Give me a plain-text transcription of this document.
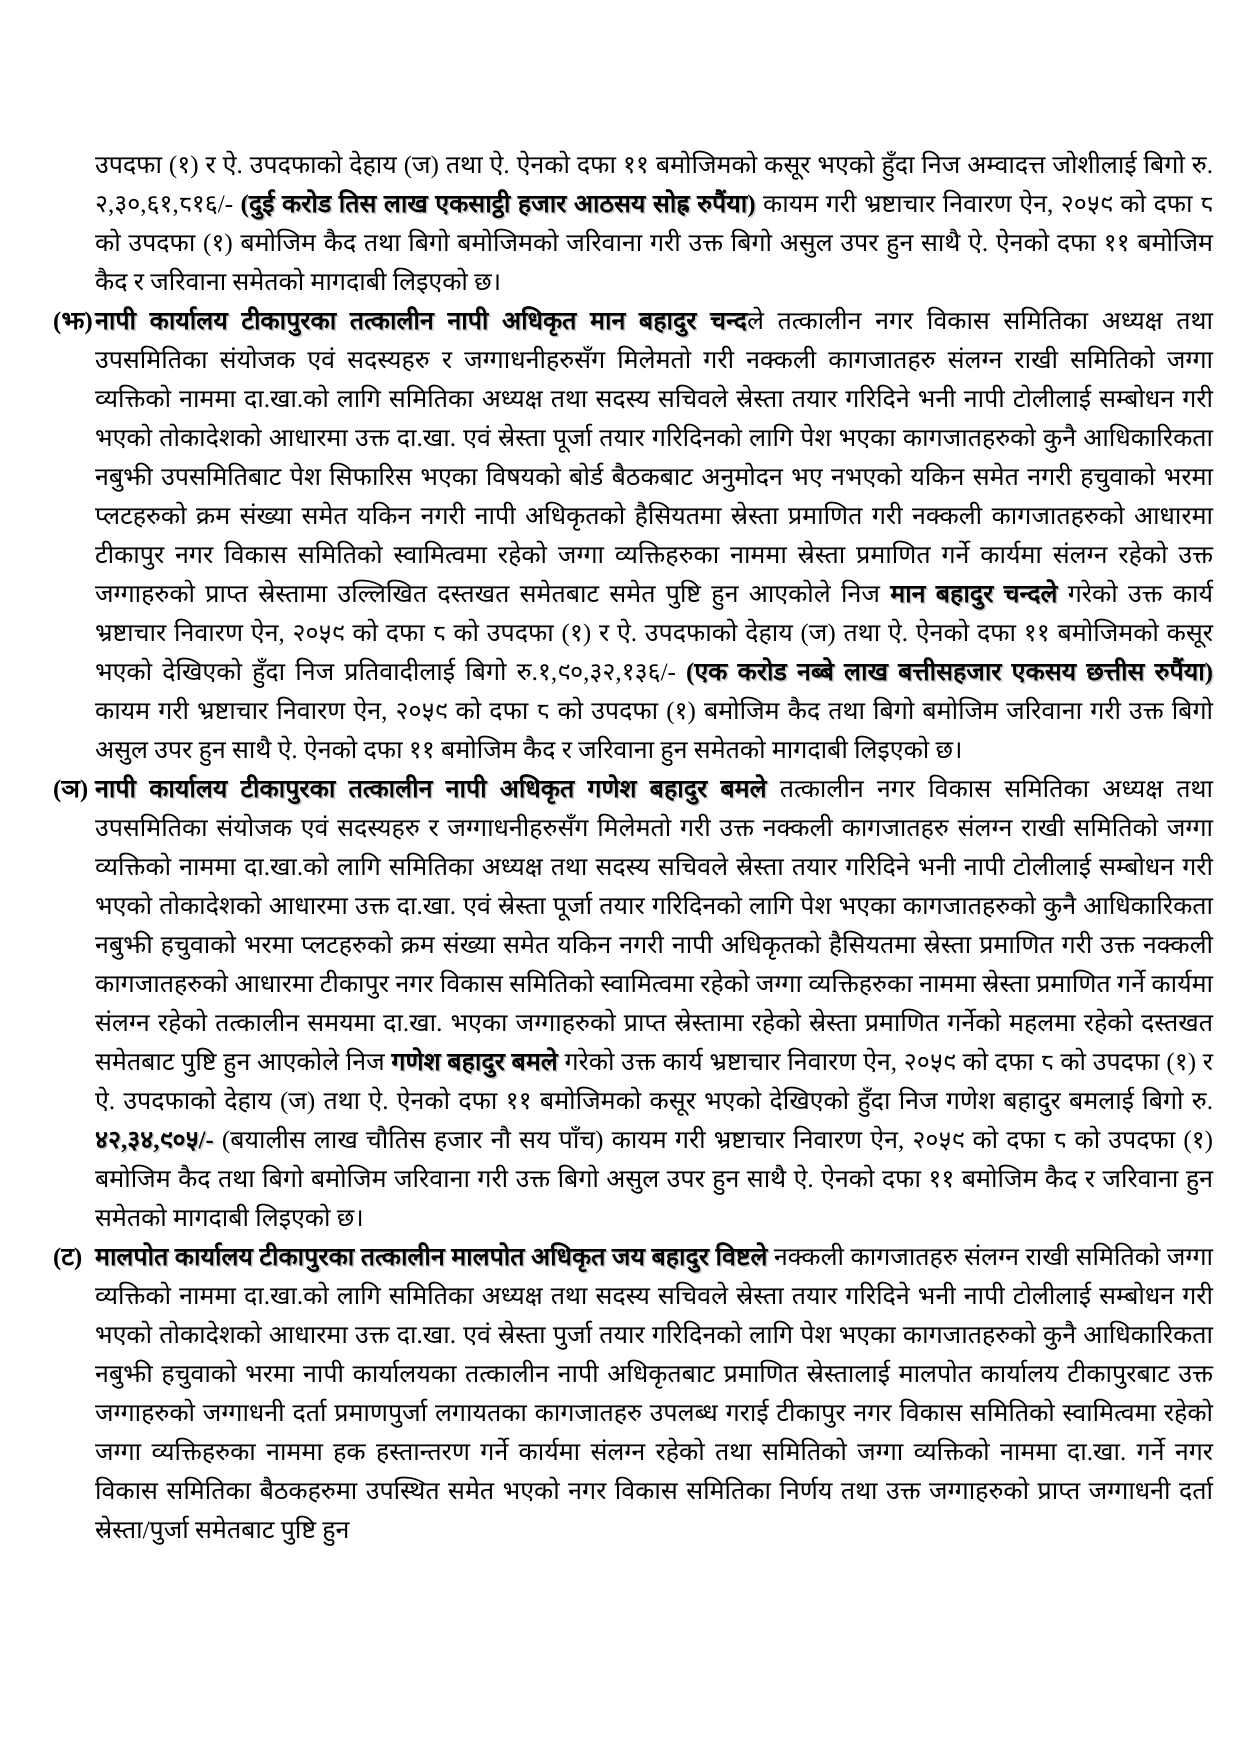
उपदफा (१) र ऐ. उपदफाको देहाय (ज) तथा ऐ. ऐनको दफा ११ बमोजिमको कसूर भएको हुँदा निज अम्वादत्त जोशीलाई बिगो रु. २,३०,६१,८१६/- (दुई करोड तिस लाख एकसाट्ठी हजार आठसय सोह्र रुपैंया) कायम गरी भ्रष्टाचार निवारण ऐन, २०५९ को दफा ८ को उपदफा (१) बमोजिम कैद तथा बिगो बमोजिमको जरिवाना गरी उक्त बिगो असुल उपर हुन साथै ऐ. ऐनको दफा ११ बमोजिम कैद र जरिवाना समेतको मागदाबी लिइएको छ।
(झ) नापी कार्यालय टीकापुरका तत्कालीन नापी अधिकृत मान बहादुर चन्दले तत्कालीन नगर विकास समितिका अध्यक्ष तथा उपसमितिका संयोजक एवं सदस्यहरु र जग्गाधनीहरुसँग मिलेमतो गरी नक्कली कागजातहरु संलग्न राखी समितिको जग्गा व्यक्तिको नाममा दा.खा.को लागि समितिका अध्यक्ष तथा सदस्य सचिवले स्रेस्ता तयार गरिदिने भनी नापी टोलीलाई सम्बोधन गरी भएको तोकादेशको आधारमा उक्त दा.खा. एवं स्रेस्ता पूर्जा तयार गरिदिनको लागि पेश भएका कागजातहरुको कुनै आधिकारिकता नबुझी उपसमितिबाट पेश सिफारिस भएका विषयको बोर्ड बैठकबाट अनुमोदन भए नभएको यकिन समेत नगरी हचुवाको भरमा प्लटहरुको क्रम संख्या समेत यकिन नगरी नापी अधिकृतको हैसियतमा स्रेस्ता प्रमाणित गरी नक्कली कागजातहरुको आधारमा टीकापुर नगर विकास समितिको स्वामित्वमा रहेको जग्गा व्यक्तिहरुका नाममा स्रेस्ता प्रमाणित गर्ने कार्यमा संलग्न रहेको उक्त जग्गाहरुको प्राप्त स्रेस्तामा उल्लिखित दस्तखत समेतबाट समेत पुष्टि हुन आएकोले निज मान बहादुर चन्दले गरेको उक्त कार्य भ्रष्टाचार निवारण ऐन, २०५९ को दफा ८ को उपदफा (१) र ऐ. उपदफाको देहाय (ज) तथा ऐ. ऐनको दफा ११ बमोजिमको कसूर भएको देखिएको हुँदा निज प्रतिवादीलाई बिगो रु.१,९०,३२,१३६/- (एक करोड नब्बे लाख बत्तीसहजार एकसय छत्तीस रुपैंया) कायम गरी भ्रष्टाचार निवारण ऐन, २०५९ को दफा ८ को उपदफा (१) बमोजिम कैद तथा बिगो बमोजिम जरिवाना गरी उक्त बिगो असुल उपर हुन साथै ऐ. ऐनको दफा ११ बमोजिम कैद र जरिवाना हुन समेतको मागदाबी लिइएको छ।
(ञ) नापी कार्यालय टीकापुरका तत्कालीन नापी अधिकृत गणेश बहादुर बमले तत्कालीन नगर विकास समितिका अध्यक्ष तथा उपसमितिका संयोजक एवं सदस्यहरु र जग्गाधनीहरुसँग मिलेमतो गरी उक्त नक्कली कागजातहरु संलग्न राखी समितिको जग्गा व्यक्तिको नाममा दा.खा.को लागि समितिका अध्यक्ष तथा सदस्य सचिवले स्रेस्ता तयार गरिदिने भनी नापी टोलीलाई सम्बोधन गरी भएको तोकादेशको आधारमा उक्त दा.खा. एवं स्रेस्ता पूर्जा तयार गरिदिनको लागि पेश भएका कागजातहरुको कुनै आधिकारिकता नबुझी हचुवाको भरमा प्लटहरुको क्रम संख्या समेत यकिन नगरी नापी अधिकृतको हैसियतमा स्रेस्ता प्रमाणित गरी उक्त नक्कली कागजातहरुको आधारमा टीकापुर नगर विकास समितिको स्वामित्वमा रहेको जग्गा व्यक्तिहरुका नाममा स्रेस्ता प्रमाणित गर्ने कार्यमा संलग्न रहेको तत्कालीन समयमा दा.खा. भएका जग्गाहरुको प्राप्त स्रेस्तामा रहेको स्रेस्ता प्रमाणित गर्नेको महलमा रहेको दस्तखत समेतबाट पुष्टि हुन आएकोले निज गणेश बहादुर बमले गरेको उक्त कार्य भ्रष्टाचार निवारण ऐन, २०५९ को दफा ८ को उपदफा (१) र ऐ. उपदफाको देहाय (ज) तथा ऐ. ऐनको दफा ११ बमोजिमको कसूर भएको देखिएको हुँदा निज गणेश बहादुर बमलाई बिगो रु. ४२,३४,९०५/- (बयालीस लाख चौतिस हजार नौ सय पाँच) कायम गरी भ्रष्टाचार निवारण ऐन, २०५९ को दफा ८ को उपदफा (१) बमोजिम कैद तथा बिगो बमोजिम जरिवाना गरी उक्त बिगो असुल उपर हुन साथै ऐ. ऐनको दफा ११ बमोजिम कैद र जरिवाना हुन समेतको मागदाबी लिइएको छ।
(ट) मालपोत कार्यालय टीकापुरका तत्कालीन मालपोत अधिकृत जय बहादुर विष्टले नक्कली कागजातहरु संलग्न राखी समितिको जग्गा व्यक्तिको नाममा दा.खा.को लागि समितिका अध्यक्ष तथा सदस्य सचिवले स्रेस्ता तयार गरिदिने भनी नापी टोलीलाई सम्बोधन गरी भएको तोकादेशको आधारमा उक्त दा.खा. एवं स्रेस्ता पुर्जा तयार गरिदिनको लागि पेश भएका कागजातहरुको कुनै आधिकारिकता नबुझी हचुवाको भरमा नापी कार्यालयका तत्कालीन नापी अधिकृतबाट प्रमाणित स्रेस्तालाई मालपोत कार्यालय टीकापुरबाट उक्त जग्गाहरुको जग्गाधनी दर्ता प्रमाणपुर्जा लगायतका कागजातहरु उपलब्ध गराई टीकापुर नगर विकास समितिको स्वामित्वमा रहेको जग्गा व्यक्तिहरुका नाममा हक हस्तान्तरण गर्ने कार्यमा संलग्न रहेको तथा समितिको जग्गा व्यक्तिको नाममा दा.खा. गर्ने नगर विकास समितिका बैठकहरुमा उपस्थित समेत भएको नगर विकास समितिका निर्णय तथा उक्त जग्गाहरुको प्राप्त जग्गाधनी दर्ता स्रेस्ता/पुर्जा समेतबाट पुष्टि हुन
